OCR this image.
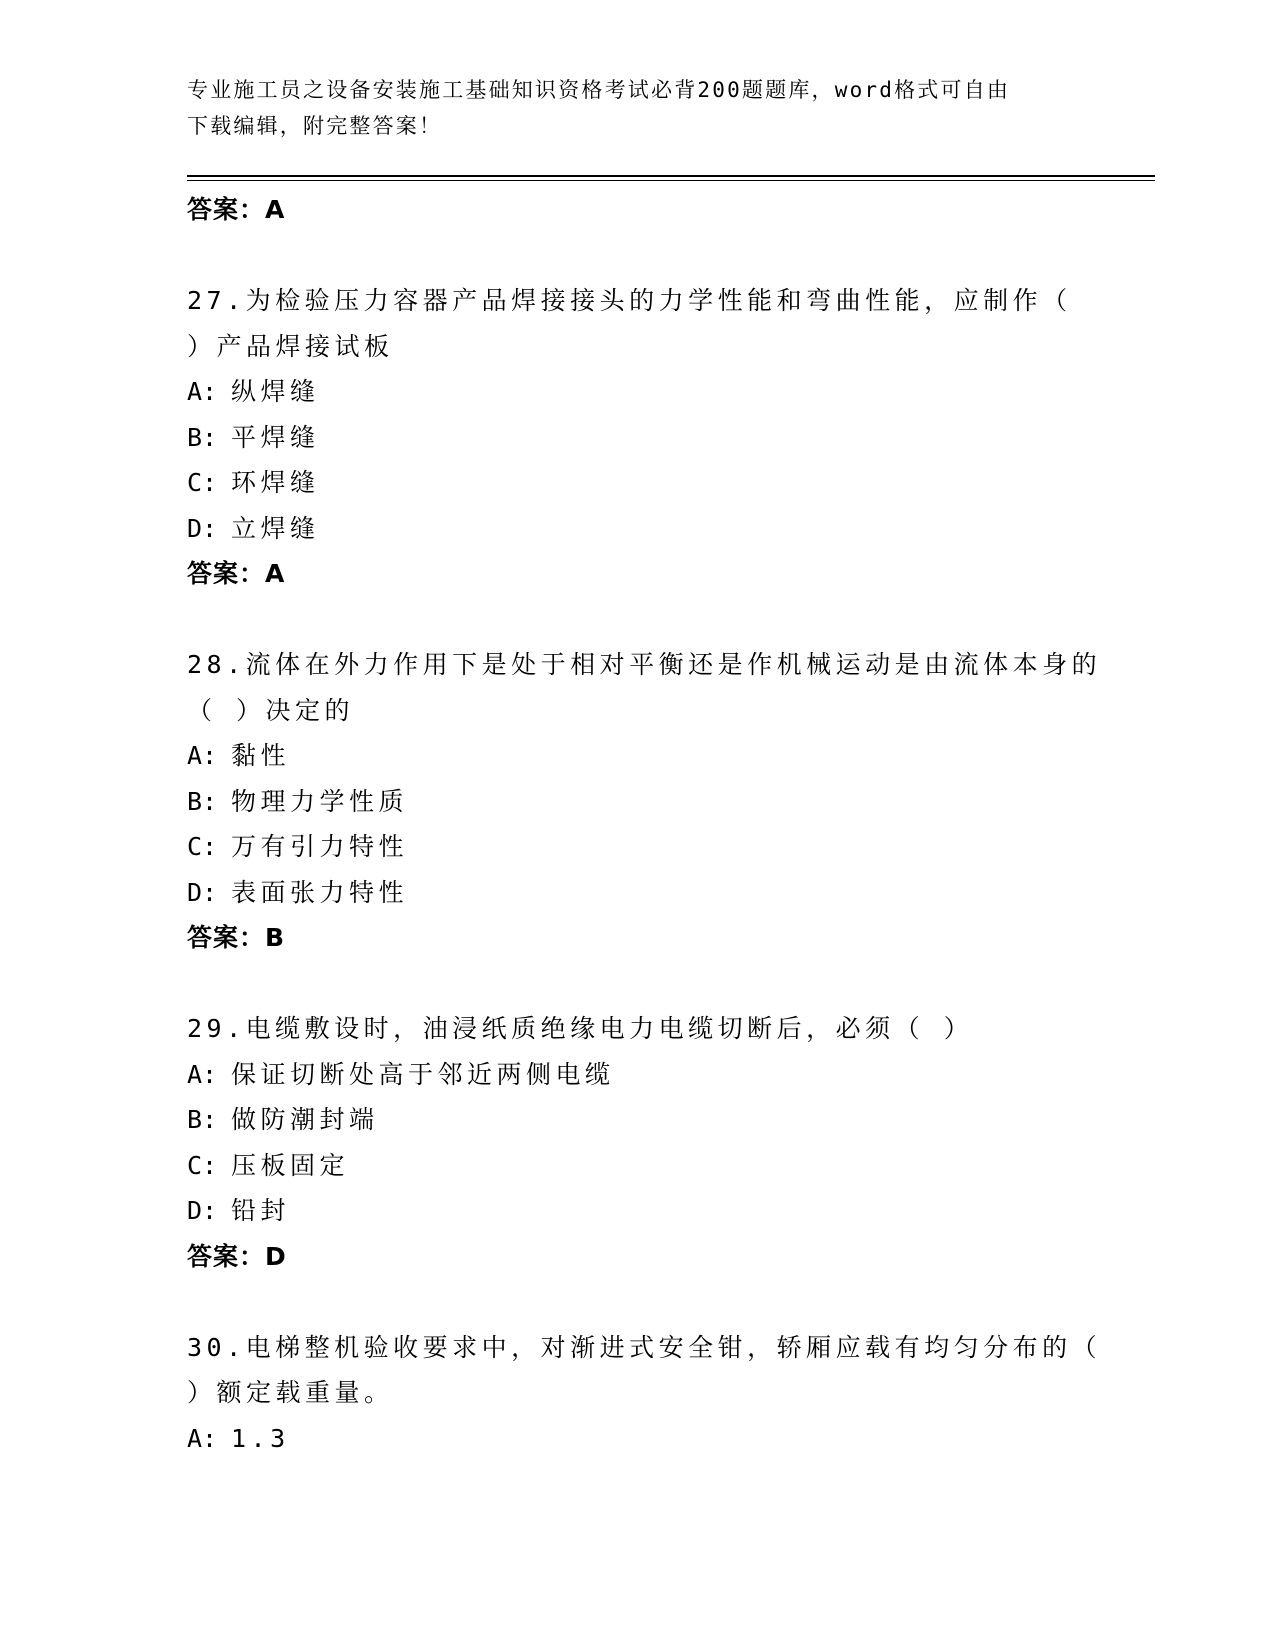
专业施工员之设备安装施工基础知识资格考试必背200题题库，word格式可自由
下载编辑，附完整答案！
答案：A
27.为检验压力容器产品焊接接头的力学性能和弯曲性能，应制作（
）产品焊接试板
A: 纵焊缝
B: 平焊缝
C: 环焊缝
D: 立焊缝
答案：A
28.流体在外力作用下是处于相对平衡还是作机械运动是由流体本身的
（ ）决定的
A: 黏性
B: 物理力学性质
C: 万有引力特性
D: 表面张力特性
答案：B
29.电缆敷设时，油浸纸质绝缘电力电缆切断后，必须（ ）
A: 保证切断处高于邻近两侧电缆
B: 做防潮封端
C: 压板固定
D: 铅封
答案：D
30.电梯整机验收要求中，对渐进式安全钳，轿厢应载有均匀分布的（
）额定载重量。
A: 1.3
